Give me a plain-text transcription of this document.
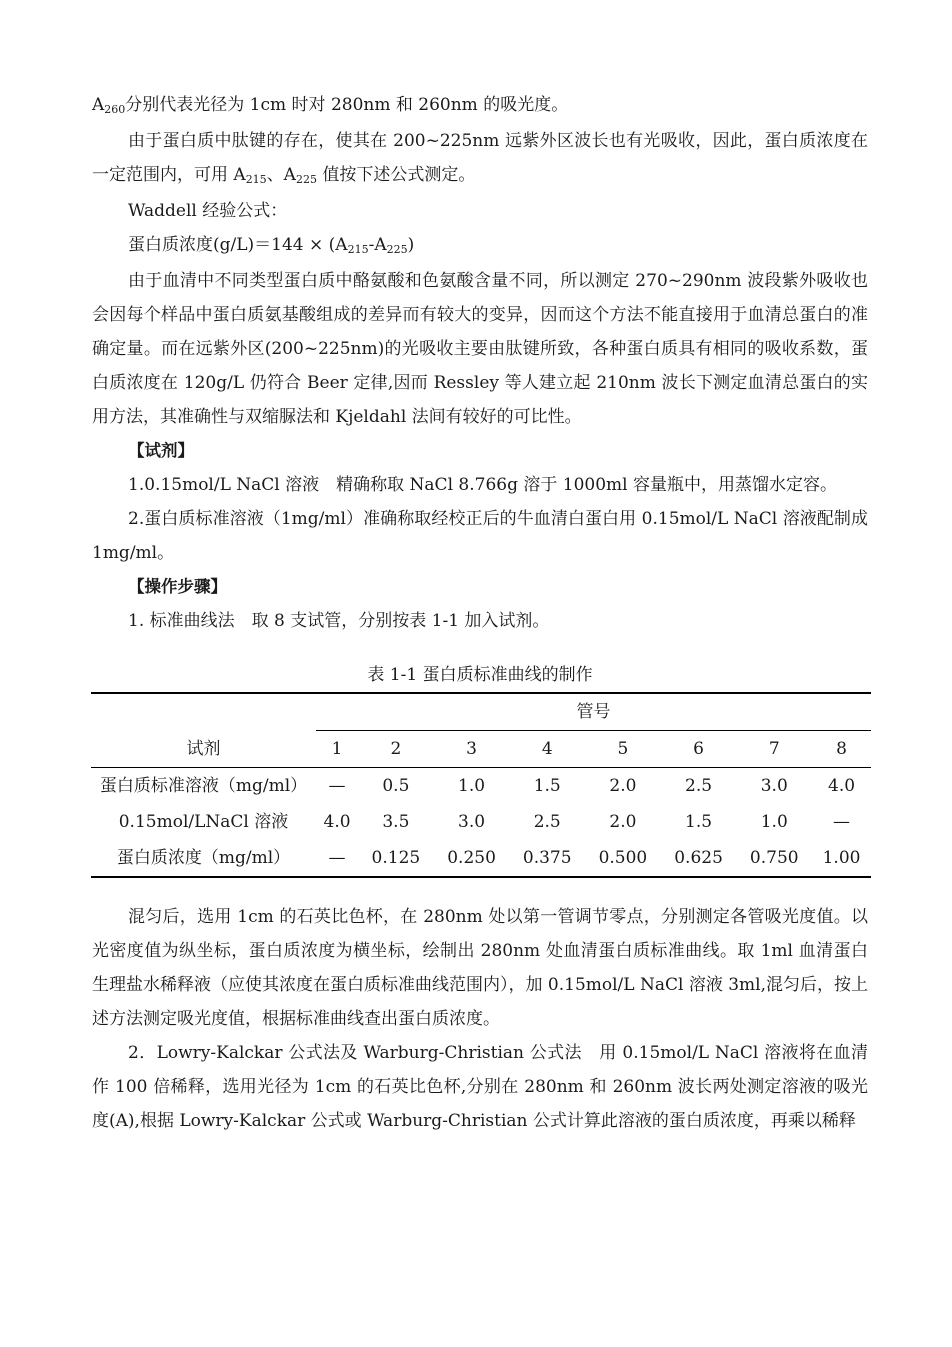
$A_{260}$分别代表光径为 1cm 时对 280nm 和 260nm 的吸光度。

由于蛋白质中肽键的存在，使其在 200~225nm 远紫外区波长也有光吸收，因此，蛋白质浓度在一定范围内，可用 $A_{215}$、$A_{225}$ 值按下述公式测定。

Waddell 经验公式：

蛋白质浓度$(g/L)=144 \times (A_{215}-A_{225})$

由于血清中不同类型蛋白质中酪氨酸和色氨酸含量不同，所以测定 270~290nm 波段紫外吸收也会因每个样品中蛋白质氨基酸组成的差异而有较大的变异，因而这个方法不能直接用于血清总蛋白的准确定量。而在远紫外区(200~225nm)的光吸收主要由肽键所致，各种蛋白质具有相同的吸收系数，蛋白质浓度在 120g/L 仍符合 Beer 定律,因而 Ressley 等人建立起 210nm 波长下测定血清总蛋白的实用方法，其准确性与双缩脲法和 Kjeldahl 法间有较好的可比性。

【试剂】

1.0.15mol/L NaCl 溶液　精确称取 NaCl 8.766g 溶于 1000ml 容量瓶中，用蒸馏水定容。

2.蛋白质标准溶液（1mg/ml）准确称取经校正后的牛血清白蛋白用 0.15mol/L NaCl 溶液配制成 1mg/ml。

【操作步骤】

1. 标准曲线法　取 8 支试管，分别按表 1-1 加入试剂。

表 1-1 蛋白质标准曲线的制作

	管号							
试剂	1	2	3	4	5	6	7	8
蛋白质标准溶液（mg/ml）	—	0.5	1.0	1.5	2.0	2.5	3.0	4.0
0.15mol/LNaCl 溶液	4.0	3.5	3.0	2.5	2.0	1.5	1.0	—
蛋白质浓度（mg/ml）	—	0.125	0.250	0.375	0.500	0.625	0.750	1.00

混匀后，选用 1cm 的石英比色杯，在 280nm 处以第一管调节零点，分别测定各管吸光度值。以光密度值为纵坐标，蛋白质浓度为横坐标，绘制出 280nm 处血清蛋白质标准曲线。取 1ml 血清蛋白生理盐水稀释液（应使其浓度在蛋白质标准曲线范围内），加 0.15mol/L NaCl 溶液 3ml,混匀后，按上述方法测定吸光度值，根据标准曲线查出蛋白质浓度。

2．Lowry-Kalckar 公式法及 Warburg-Christian 公式法　用 0.15mol/L NaCl 溶液将在血清作 100 倍稀释，选用光径为 1cm 的石英比色杯,分别在 280nm 和 260nm 波长两处测定溶液的吸光度(A),根据 Lowry-Kalckar 公式或 Warburg-Christian 公式计算此溶液的蛋白质浓度，再乘以稀释
